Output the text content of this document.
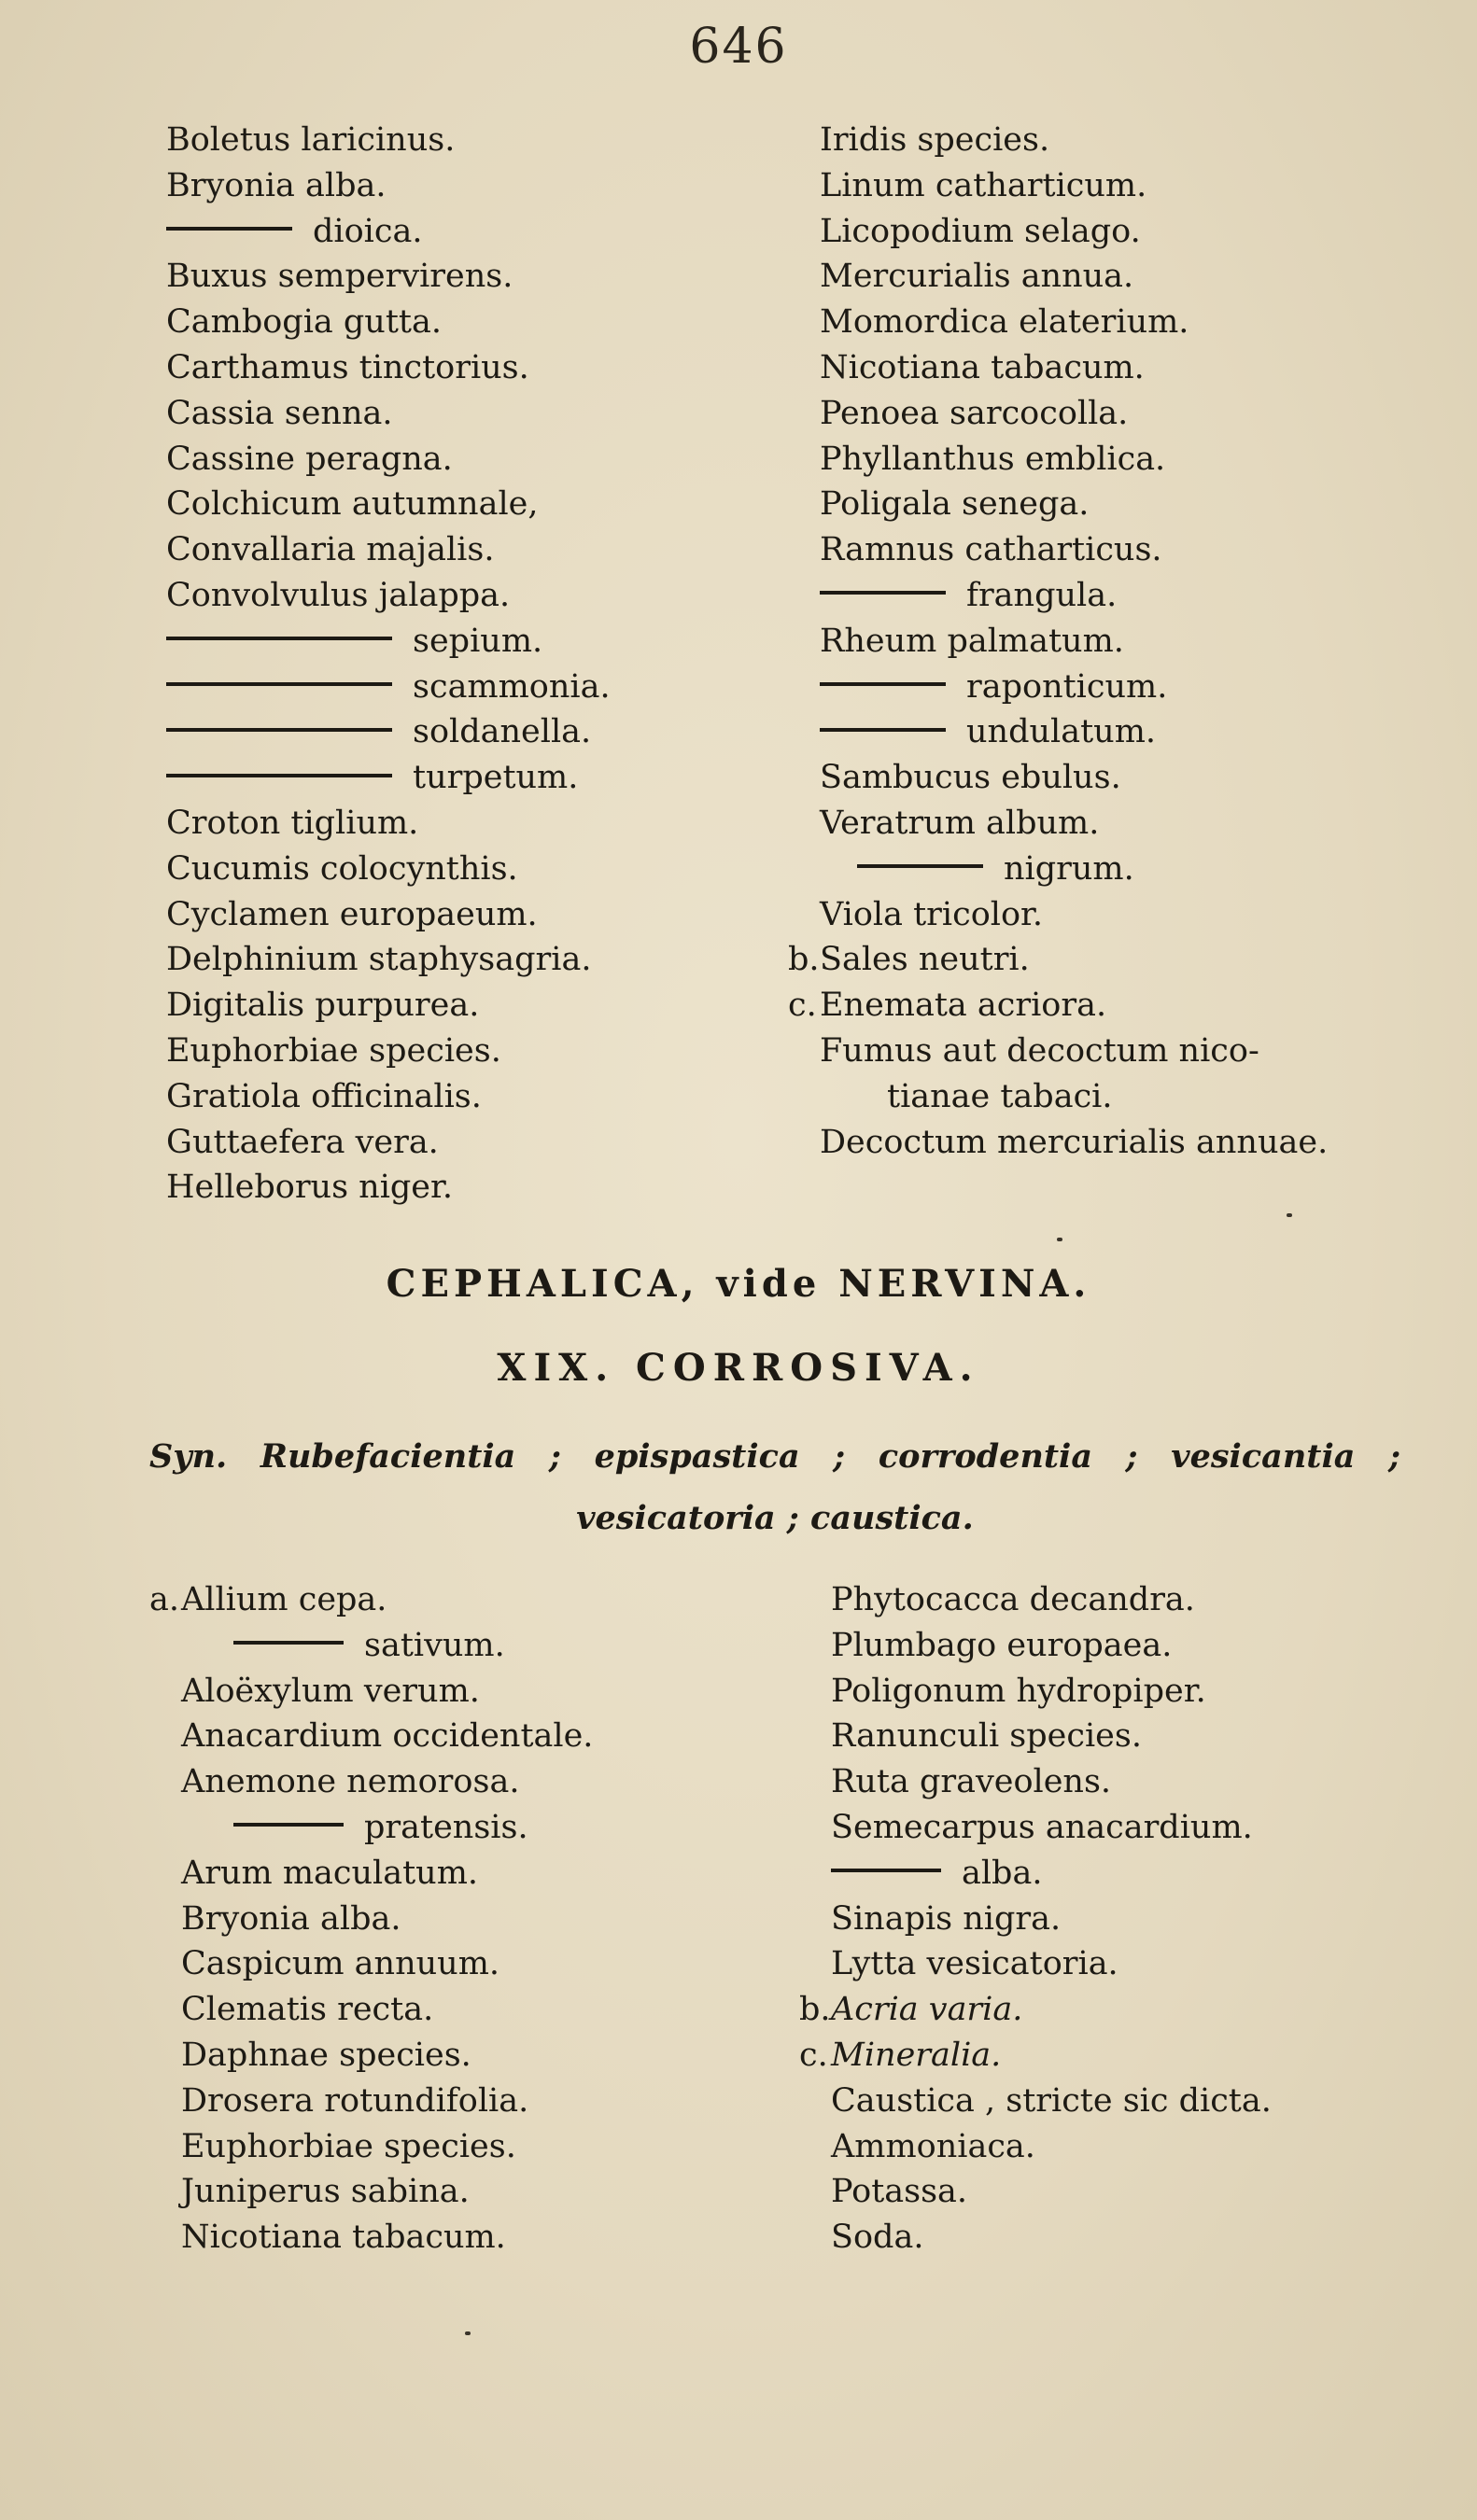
646
Boletus laricinus.
Bryonia alba.
dioica.
Buxus sempervirens.
Cambogia gutta.
Carthamus tinctorius.
Cassia senna.
Cassine peragna.
Colchicum autumnale,
Convallaria majalis.
Convolvulus jalappa.
sepium.
scammonia.
soldanella.
turpetum.
Croton tiglium.
Cucumis colocynthis.
Cyclamen europaeum.
Delphinium staphysagria.
Digitalis purpurea.
Euphorbiae species.
Gratiola officinalis.
Guttaefera vera.
Helleborus niger.
Iridis species.
Linum catharticum.
Licopodium selago.
Mercurialis annua.
Momordica elaterium.
Nicotiana tabacum.
Penoea sarcocolla.
Phyllanthus emblica.
Poligala senega.
Ramnus catharticus.
frangula.
Rheum palmatum.
raponticum.
undulatum.
Sambucus ebulus.
Veratrum album.
nigrum.
Viola tricolor.
b.Sales neutri.
c.Enemata acriora.
Fumus aut decoctum nico-
tianae tabaci.
Decoctum mercurialis annuae.
CEPHALICA, vide NERVINA.
XIX. CORROSIVA.
Syn. Rubefacientia ; epispastica ; corrodentia ; vesicantia ;
vesicatoria ; caustica.
a.Allium cepa.
sativum.
Aloëxylum verum.
Anacardium occidentale.
Anemone nemorosa.
pratensis.
Arum maculatum.
Bryonia alba.
Caspicum annuum.
Clematis recta.
Daphnae species.
Drosera rotundifolia.
Euphorbiae species.
Juniperus sabina.
Nicotiana tabacum.
Phytocacca decandra.
Plumbago europaea.
Poligonum hydropiper.
Ranunculi species.
Ruta graveolens.
Semecarpus anacardium.
alba.
Sinapis nigra.
Lytta vesicatoria.
b.Acria varia.
c.Mineralia.
Caustica , stricte sic dicta.
Ammoniaca.
Potassa.
Soda.
